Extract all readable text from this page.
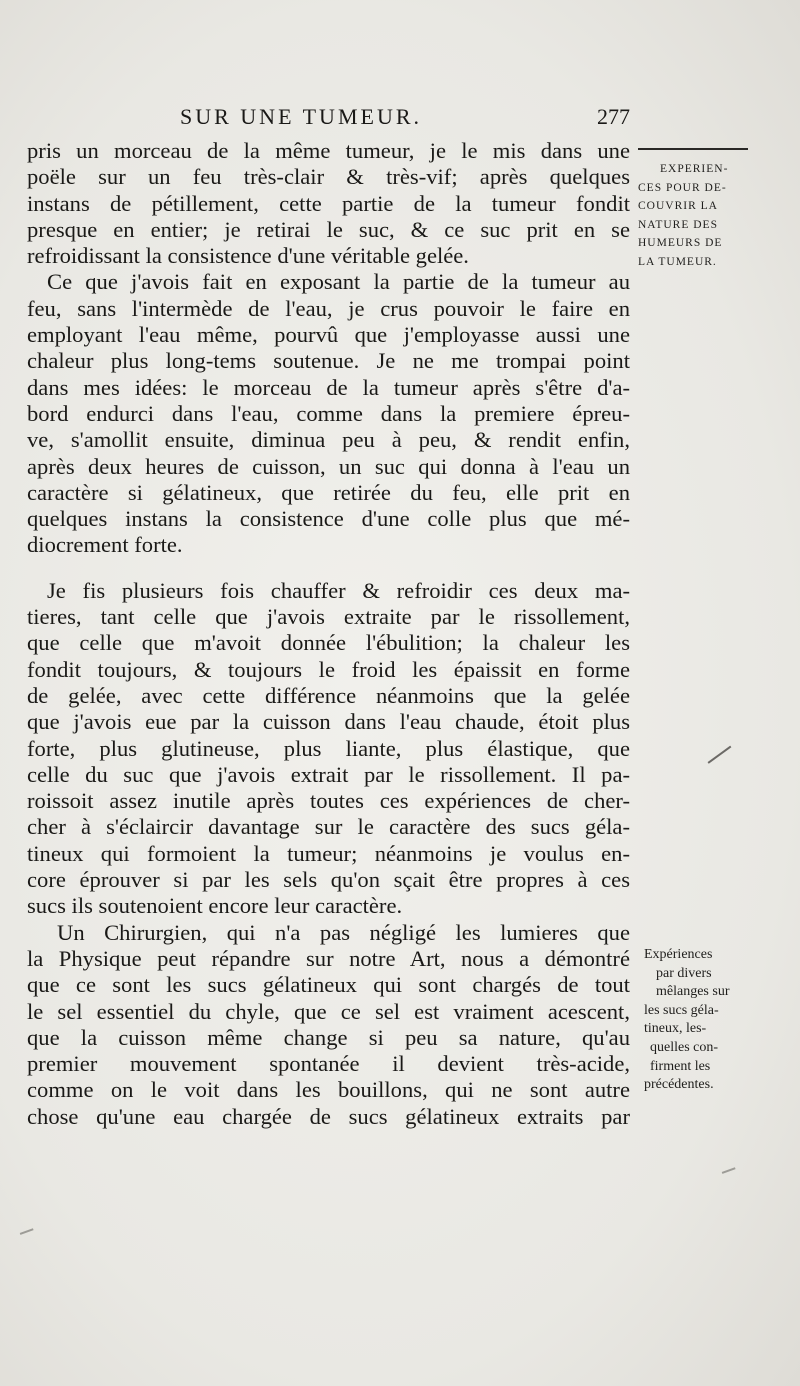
SUR UNE TUMEUR.	277
pris un morceau de la même tumeur, je le mis dans une
poële sur un feu très-clair & très-vif; après quelques
instans de pétillement, cette partie de la tumeur fondit
presque en entier; je retirai le suc, & ce suc prit en se
refroidissant la consistence d'une véritable gelée.
Ce que j'avois fait en exposant la partie de la tumeur au
feu, sans l'intermède de l'eau, je crus pouvoir le faire en
employant l'eau même, pourvû que j'employasse aussi une
chaleur plus long-tems soutenue. Je ne me trompai point
dans mes idées: le morceau de la tumeur après s'être d'a-
bord endurci dans l'eau, comme dans la premiere épreu-
ve, s'amollit ensuite, diminua peu à peu, & rendit enfin,
après deux heures de cuisson, un suc qui donna à l'eau un
caractère si gélatineux, que retirée du feu, elle prit en
quelques instans la consistence d'une colle plus que mé-
diocrement forte.
Je fis plusieurs fois chauffer & refroidir ces deux ma-
tieres, tant celle que j'avois extraite par le rissollement,
que celle que m'avoit donnée l'ébulition; la chaleur les
fondit toujours, & toujours le froid les épaissit en forme
de gelée, avec cette différence néanmoins que la gelée
que j'avois eue par la cuisson dans l'eau chaude, étoit plus
forte, plus glutineuse, plus liante, plus élastique, que
celle du suc que j'avois extrait par le rissollement. Il pa-
roissoit assez inutile après toutes ces expériences de cher-
cher à s'éclaircir davantage sur le caractère des sucs géla-
tineux qui formoient la tumeur; néanmoins je voulus en-
core éprouver si par les sels qu'on sçait être propres à ces
sucs ils soutenoient encore leur caractère.
Un Chirurgien, qui n'a pas négligé les lumieres que
la Physique peut répandre sur notre Art, nous a démontré
que ce sont les sucs gélatineux qui sont chargés de tout
le sel essentiel du chyle, que ce sel est vraiment acescent,
que la cuisson même change si peu sa nature, qu'au
premier mouvement spontanée il devient très-acide,
comme on le voit dans les bouillons, qui ne sont autre
chose qu'une eau chargée de sucs gélatineux extraits par
EXPERIEN-
CES POUR DE-
COUVRIR LA
NATURE DES
HUMEURS DE
LA TUMEUR.
Expériences
par divers
mêlanges sur
les sucs géla-
tineux, les-
quelles con-
firment les
précédentes.
